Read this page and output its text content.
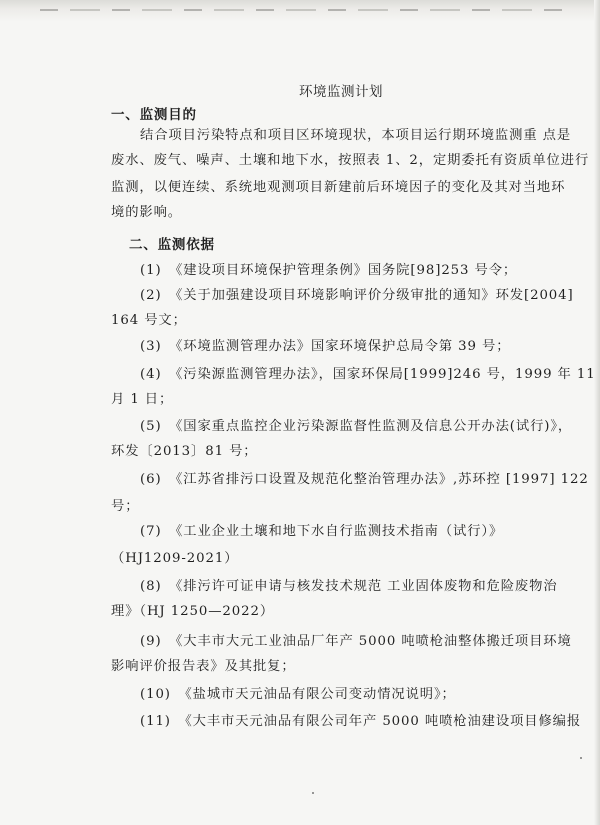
环境监测计划
一、监测目的
结合项目污染特点和项目区环境现状，本项目运行期环境监测重 点是
废水、废气、噪声、土壤和地下水，按照表 1、2，定期委托有资质单位进行
监测，以便连续、系统地观测项目新建前后环境因子的变化及其对当地环
境的影响。
二、监测依据
(1)　《建设项目环境保护管理条例》国务院[98]253 号令；
(2)　《关于加强建设项目环境影响评价分级审批的通知》环发[2004]
164 号文；
(3)　《环境监测管理办法》国家环境保护总局令第 39 号；
(4)　《污染源监测管理办法》，国家环保局[1999]246 号，1999 年 11
月 1 日；
(5)　《国家重点监控企业污染源监督性监测及信息公开办法(试行)》，
环发〔2013〕81 号；
(6)　《江苏省排污口设置及规范化整治管理办法》,苏环控 [1997] 122
号；
(7)　《工业企业土壤和地下水自行监测技术指南（试行）》
（HJ1209-2021）
(8)　《排污许可证申请与核发技术规范 工业固体废物和危险废物治
理》（HJ 1250—2022）
(9)　《大丰市大元工业油品厂年产 5000 吨喷枪油整体搬迁项目环境
影响评价报告表》及其批复；
(10)　《盐城市天元油品有限公司变动情况说明》；
(11)　《大丰市天元油品有限公司年产 5000 吨喷枪油建设项目修编报
